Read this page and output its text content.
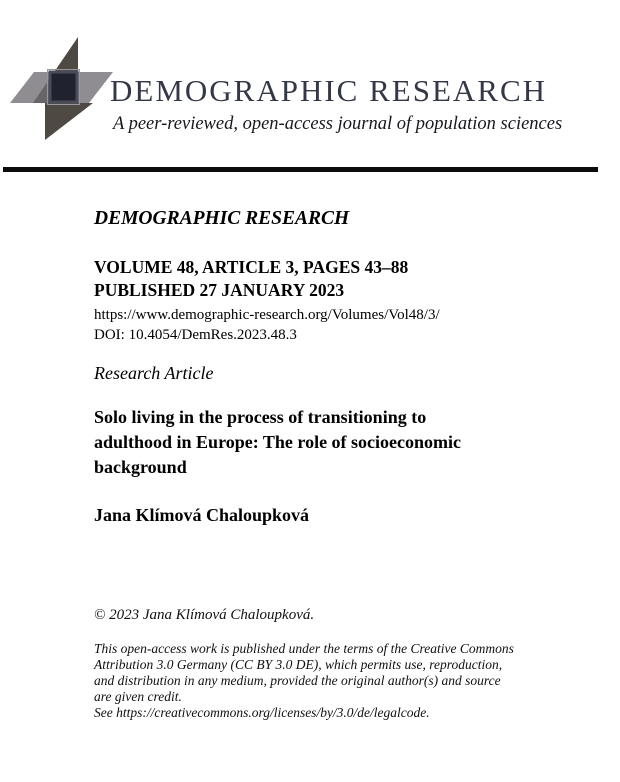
DEMOGRAPHIC RESEARCH
A peer-reviewed, open-access journal of population sciences
DEMOGRAPHIC RESEARCH
VOLUME 48, ARTICLE 3, PAGES 43–88
PUBLISHED 27 JANUARY 2023
https://www.demographic-research.org/Volumes/Vol48/3/
DOI: 10.4054/DemRes.2023.48.3
Research Article
Solo living in the process of transitioning to
adulthood in Europe: The role of socioeconomic
background
Jana Klímová Chaloupková
© 2023 Jana Klímová Chaloupková.
This open-access work is published under the terms of the Creative Commons
Attribution 3.0 Germany (CC BY 3.0 DE), which permits use, reproduction,
and distribution in any medium, provided the original author(s) and source
are given credit.
See https://creativecommons.org/licenses/by/3.0/de/legalcode.
